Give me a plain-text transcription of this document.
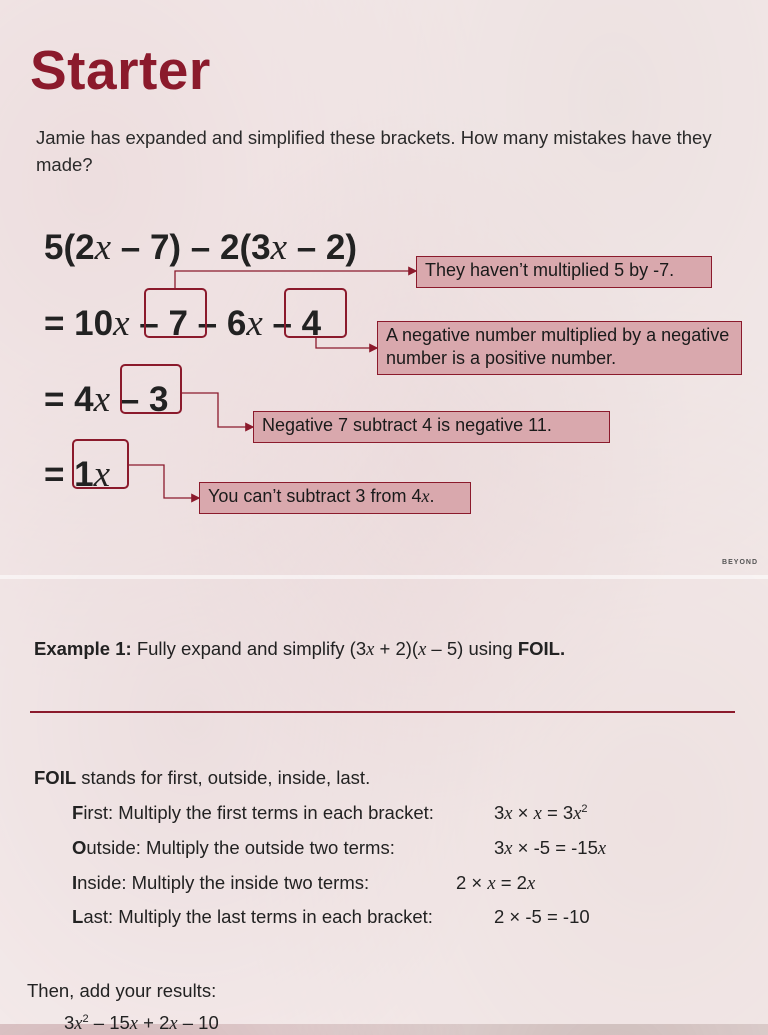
Starter
Jamie has expanded and simplified these brackets. How many mistakes have they made?
5(2x – 7) – 2(3x – 2)
= 10x – 7 – 6x – 4
= 4x – 3
= 1x
They haven’t multiplied 5 by -7.
A negative number multiplied by a negative number is a positive number.
Negative 7 subtract 4 is negative 11.
You can’t subtract 3 from 4x.
BEYOND
Example 1: Fully expand and simplify (3x + 2)(x – 5) using FOIL.
FOIL stands for first, outside, inside, last.
First: Multiply the first terms in each bracket:	$3x \times x = 3x^2$
Outside: Multiply the outside two terms:	3x × -5 = -15x
Inside: Multiply the inside two terms:	2 × x = 2x
Last: Multiply the last terms in each bracket:	2 × -5 = -10
Then, add your results:
$3x^2 - 15x + 2x - 10$
